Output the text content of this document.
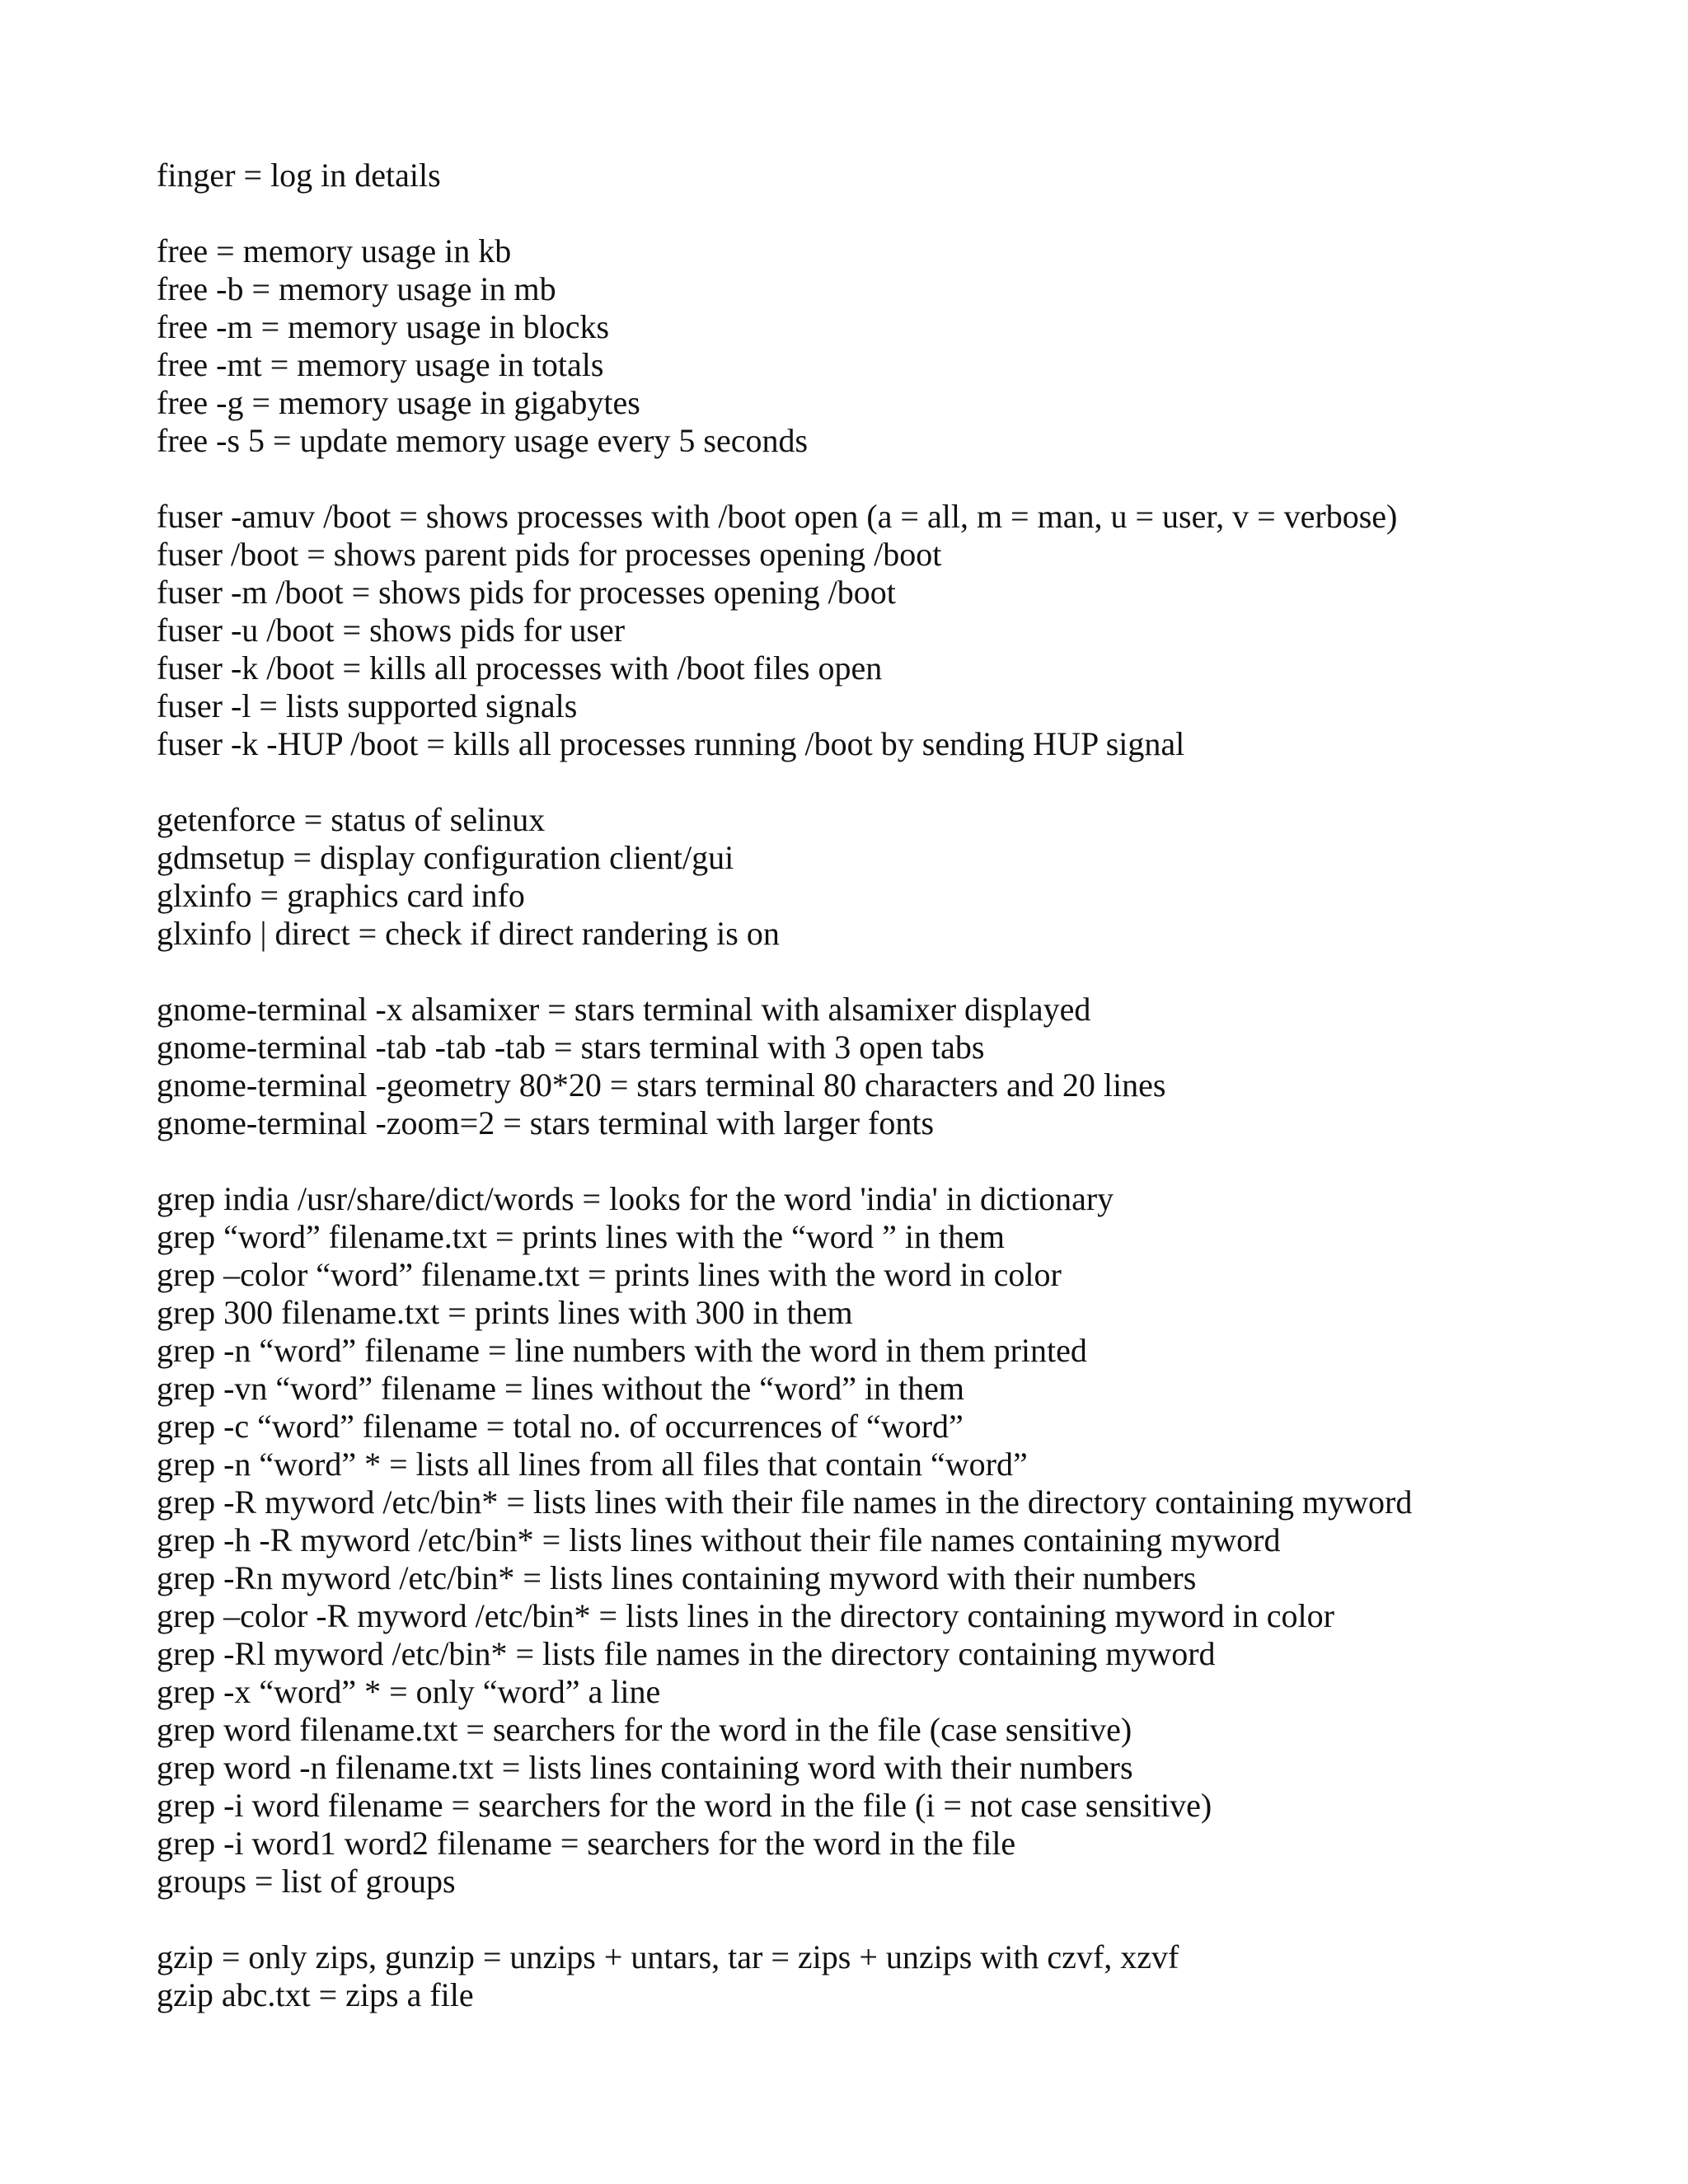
finger = log in details

free = memory usage in kb

free -b = memory usage in mb

free -m = memory usage in blocks

free -mt = memory usage in totals

free -g = memory usage in gigabytes

free -s 5 = update memory usage every 5 seconds

fuser -amuv /boot = shows processes with /boot open (a = all, m = man, u = user, v = verbose)

fuser /boot = shows parent pids for processes opening /boot

fuser -m /boot = shows pids for processes opening /boot

fuser -u /boot = shows pids for user

fuser -k /boot = kills all processes with /boot files open

fuser -l = lists supported signals

fuser -k -HUP /boot = kills all processes running /boot by sending HUP signal

getenforce = status of selinux

gdmsetup = display configuration client/gui

glxinfo = graphics card info

glxinfo | direct = check if direct randering is on

gnome-terminal -x alsamixer = stars terminal with alsamixer displayed

gnome-terminal -tab -tab -tab = stars terminal with 3 open tabs

gnome-terminal -geometry 80*20 = stars terminal 80 characters and 20 lines

gnome-terminal -zoom=2 = stars terminal with larger fonts

grep india /usr/share/dict/words = looks for the word 'india' in dictionary

grep “word” filename.txt = prints lines with the “word ” in them

grep –color “word” filename.txt = prints lines with the word in color

grep 300 filename.txt = prints lines with 300 in them

grep -n “word” filename = line numbers with the word in them printed

grep -vn “word” filename = lines without the “word” in them

grep -c “word” filename = total no. of occurrences of “word”

grep -n “word” * = lists all lines from all files that contain “word”

grep -R myword /etc/bin* = lists lines with their file names in the directory containing myword

grep -h -R myword /etc/bin* = lists lines without their file names containing myword

grep -Rn myword /etc/bin* = lists lines containing myword with their numbers

grep –color -R myword /etc/bin* = lists lines in the directory containing myword in color

grep -Rl myword /etc/bin* = lists file names in the directory containing myword

grep -x “word” * = only “word” a line

grep word filename.txt = searchers for the word in the file (case sensitive)

grep word -n filename.txt = lists lines containing word with their numbers

grep -i word filename = searchers for the word in the file (i = not case sensitive)

grep -i word1 word2 filename = searchers for the word in the file

groups = list of groups

gzip = only zips, gunzip = unzips + untars, tar = zips + unzips with czvf, xzvf

gzip abc.txt = zips a file
